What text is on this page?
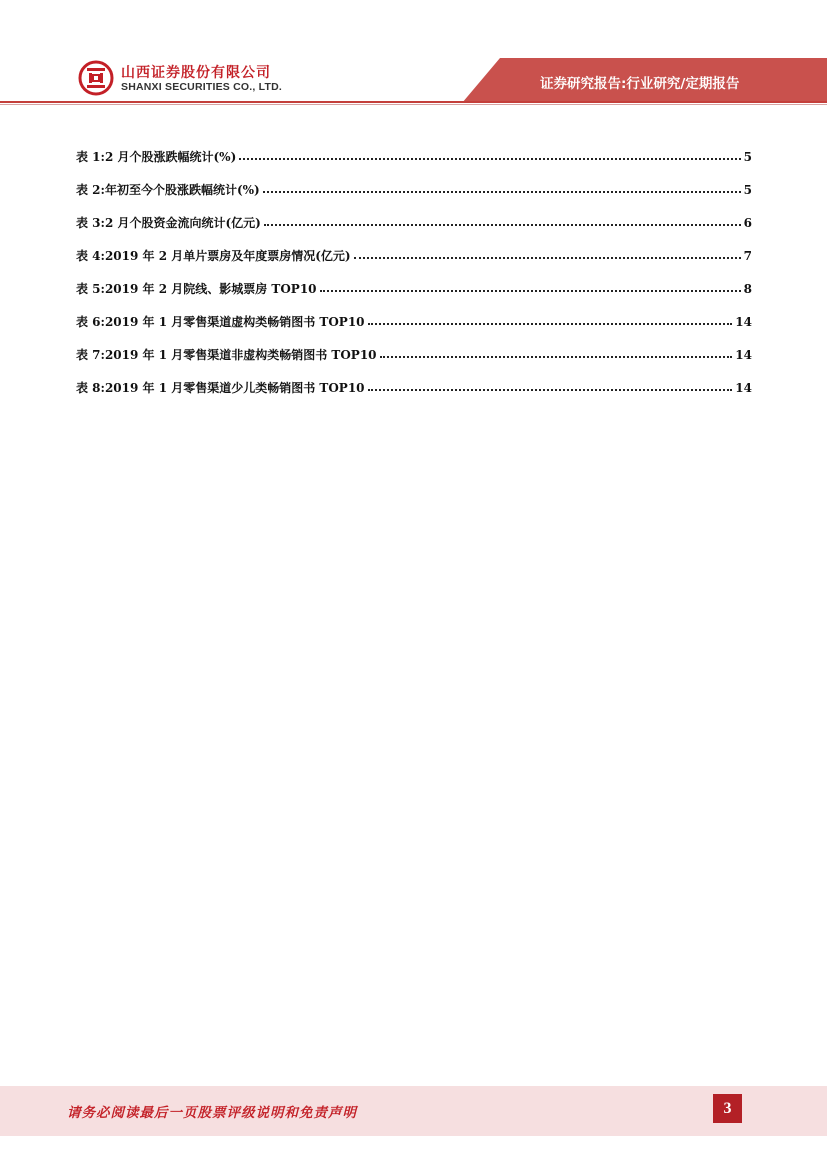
山西证券股份有限公司
SHANXI SECURITIES CO., LTD.	证券研究报告:行业研究/定期报告
表 1:2 月个股涨跌幅统计(%)	5
表 2:年初至今个股涨跌幅统计(%)	5
表 3:2 月个股资金流向统计(亿元)	6
表 4:2019 年 2 月单片票房及年度票房情况(亿元)	7
表 5:2019 年 2 月院线、影城票房 TOP10	8
表 6:2019 年 1 月零售渠道虚构类畅销图书 TOP10	14
表 7:2019 年 1 月零售渠道非虚构类畅销图书 TOP10	14
表 8:2019 年 1 月零售渠道少儿类畅销图书 TOP10	14
请务必阅读最后一页股票评级说明和免责声明	3
